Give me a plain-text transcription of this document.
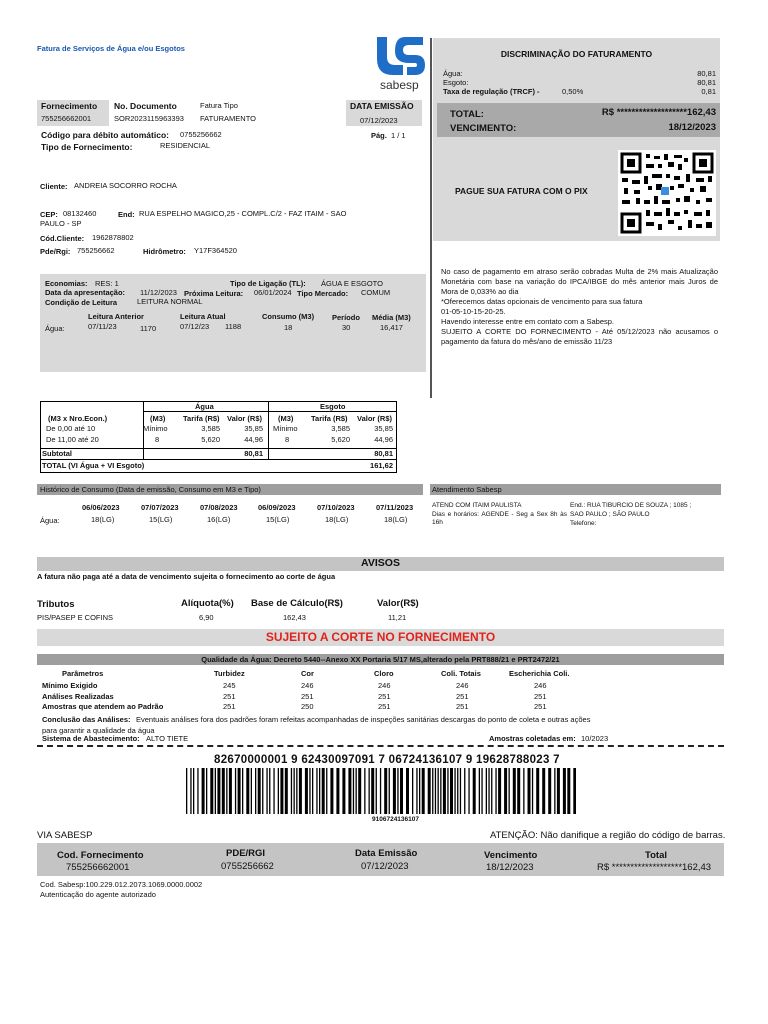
Fatura de Serviços de Água e/ou Esgotos
sabesp
DISCRIMINAÇÃO DO FATURAMENTO
Água:	80,81
Esgoto:	80,81
Taxa de regulação (TRCF) -	0,50%	0,81
TOTAL:	R$ *******************162,43
VENCIMENTO:	18/12/2023
PAGUE SUA FATURA COM O PIX
No caso de pagamento em atraso serão cobradas Multa de 2% mais Atualização Monetária com base na variação do IPCA/IBGE do mês anterior mais Juros de Mora de 0,033% ao dia
*Oferecemos datas opcionais de vencimento para sua fatura
01-05-10-15-20-25.
Havendo interesse entre em contato com a Sabesp.
SUJEITO A CORTE DO FORNECIMENTO - Até 05/12/2023 não acusamos o pagamento da fatura do mês/ano de emissão 11/23
Fornecimento
755256662001
No. Documento
SOR2023115963393
Fatura Tipo
FATURAMENTO
DATA EMISSÃO
07/12/2023
Pág. 1 / 1
Código para débito automático: 0755256662
Tipo de Fornecimento:	RESIDENCIAL
Cliente: ANDREIA SOCORRO ROCHA
CEP: 08132460	End: RUA ESPELHO MAGICO,25 - COMPL.C/2 - FAZ ITAIM - SAO
PAULO - SP
Cód.Cliente: 1962878802
Pde/Rgi: 755256662	Hidrômetro: Y17F364520
Economias: RES: 1	Tipo de Ligação (TL): ÁGUA E ESGOTO
Data da apresentação: 11/12/2023 Próxima Leitura: 06/01/2024 Tipo Mercado: COMUM
Condição de Leitura	LEITURA NORMAL
Leitura Anterior	Leitura Atual	Consumo (M3) Período Média (M3)
Água:	07/11/23	1170	07/12/23 1188	18	30	16,417
Água	Esgoto
(M3 x Nro.Econ.)	(M3) Tarifa (R$) Valor (R$) (M3) Tarifa (R$) Valor (R$)
De 0,00 até 10	Mínimo	3,585	35,85 Mínimo	3,585	35,85
De 11,00 até 20	8	5,620	44,96	8	5,620	44,96
Subtotal	80,81	80,81
TOTAL (VI Água + VI Esgoto)	161,62
Histórico de Consumo (Data de emissão, Consumo em M3 e Tipo)
06/06/2023	07/07/2023	07/08/2023	06/09/2023	07/10/2023	07/11/2023
Água:	18(LG)	15(LG)	16(LG)	15(LG)	18(LG)	18(LG)
Atendimento Sabesp
ATEND COM ITAIM PAULISTA	End.: RUA TIBURCIO DE SOUZA ; 1085 ;
SAO PAULO ; SÃO PAULO
Dias e horários: AGENDE - Seg a Sex 8h às 16h	Telefone:
AVISOS
A fatura não paga até a data de vencimento sujeita o fornecimento ao corte de água
Tributos	Alíquota(%) Base de Cálculo(R$)	Valor(R$)
PIS/PASEP E COFINS	6,90	162,43	11,21
SUJEITO A CORTE NO FORNECIMENTO
Qualidade da Água: Decreto 5440--Anexo XX Portaria 5/17 MS,alterado pela PRT888/21 e PRT2472/21
Parâmetros	Turbidez	Cor	Cloro	Coli. Totais	Escherichia Coli.
Mínimo Exigido	245	246	246	246	246
Análises Realizadas	251	251	251	251	251
Amostras que atendem ao Padrão	251	250	251	251	251
Conclusão das Análises: Eventuais análises fora dos padrões foram refeitas acompanhadas de inspeções sanitárias descargas do ponto de coleta e outras ações
para garantir a qualidade da água
Sistema de Abastecimento: ALTO TIETE	Amostras coletadas em: 10/2023
82670000001 9 62430097091 7 06724136107 9 19628788023 7
9106724136107
VIA SABESP	ATENÇÃO: Não danifique a região do código de barras.
Cod. Fornecimento	PDE/RGI	Data Emissão	Vencimento	Total
755256662001	0755256662	07/12/2023	18/12/2023	R$ *******************162,43
Cod. Sabesp:100.229.012.2073.1069.0000.0002
Autenticação do agente autorizado
